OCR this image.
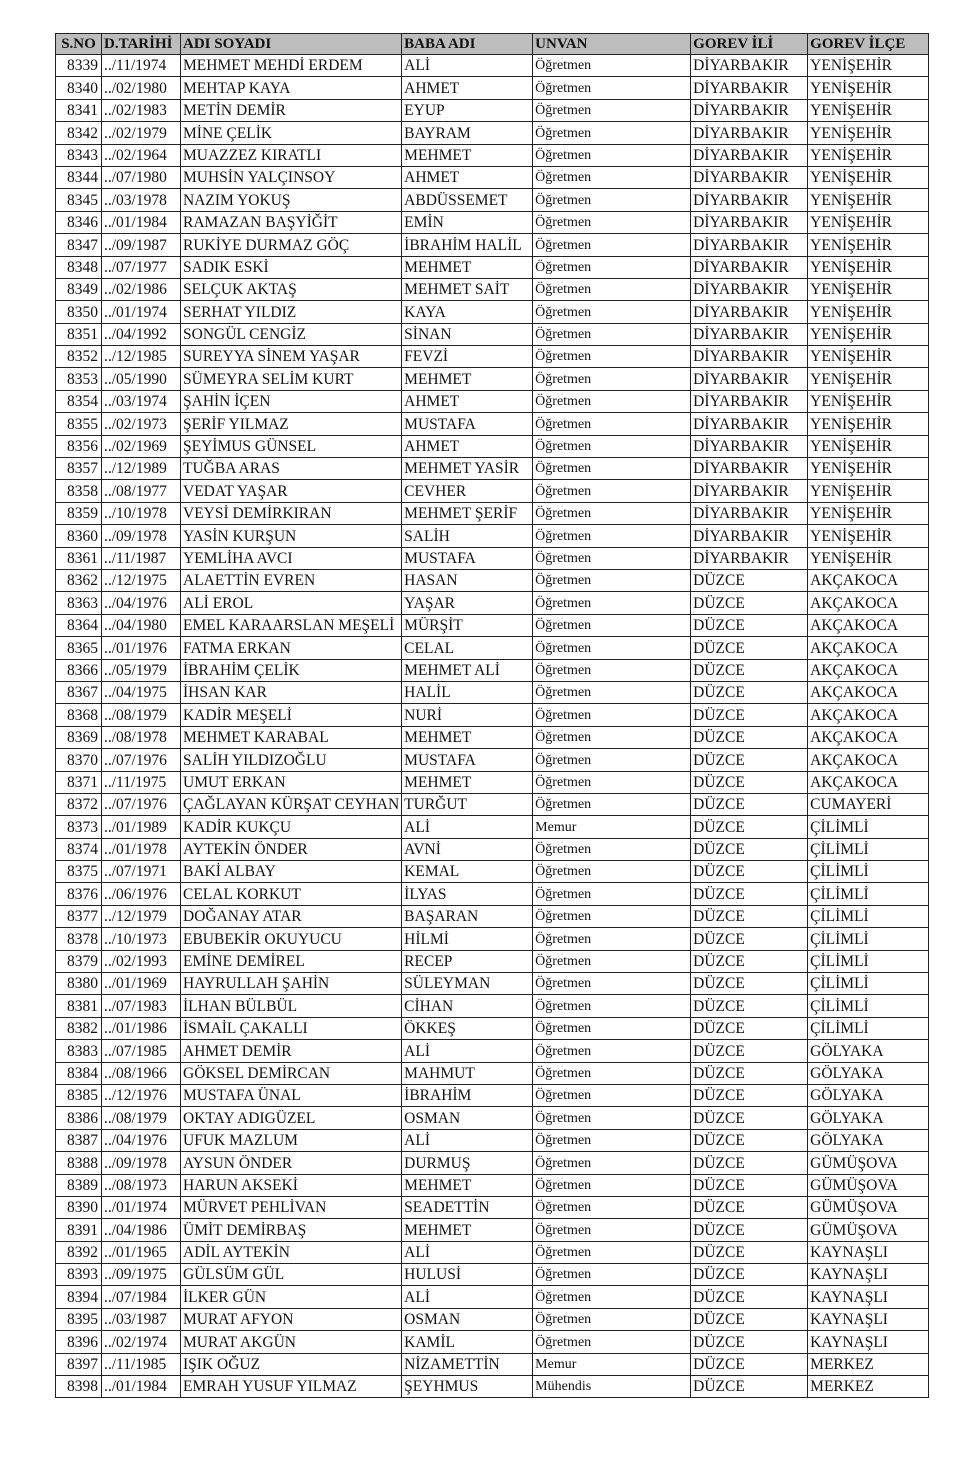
S.NO	D.TARİHİ	ADI SOYADI	BABA ADI	UNVAN	GOREV İLİ	GOREV İLÇE
8339	../11/1974	MEHMET MEHDİ ERDEM	ALİ	Öğretmen	DİYARBAKIR	YENİŞEHİR
8340	../02/1980	MEHTAP KAYA	AHMET	Öğretmen	DİYARBAKIR	YENİŞEHİR
8341	../02/1983	METİN DEMİR	EYUP	Öğretmen	DİYARBAKIR	YENİŞEHİR
8342	../02/1979	MİNE ÇELİK	BAYRAM	Öğretmen	DİYARBAKIR	YENİŞEHİR
8343	../02/1964	MUAZZEZ KIRATLI	MEHMET	Öğretmen	DİYARBAKIR	YENİŞEHİR
8344	../07/1980	MUHSİN YALÇINSOY	AHMET	Öğretmen	DİYARBAKIR	YENİŞEHİR
8345	../03/1978	NAZIM YOKUŞ	ABDÜSSEMET	Öğretmen	DİYARBAKIR	YENİŞEHİR
8346	../01/1984	RAMAZAN BAŞYİĞİT	EMİN	Öğretmen	DİYARBAKIR	YENİŞEHİR
8347	../09/1987	RUKİYE DURMAZ GÖÇ	İBRAHİM HALİL	Öğretmen	DİYARBAKIR	YENİŞEHİR
8348	../07/1977	SADIK ESKİ	MEHMET	Öğretmen	DİYARBAKIR	YENİŞEHİR
8349	../02/1986	SELÇUK AKTAŞ	MEHMET SAİT	Öğretmen	DİYARBAKIR	YENİŞEHİR
8350	../01/1974	SERHAT YILDIZ	KAYA	Öğretmen	DİYARBAKIR	YENİŞEHİR
8351	../04/1992	SONGÜL CENGİZ	SİNAN	Öğretmen	DİYARBAKIR	YENİŞEHİR
8352	../12/1985	SUREYYA SİNEM YAŞAR	FEVZİ	Öğretmen	DİYARBAKIR	YENİŞEHİR
8353	../05/1990	SÜMEYRA SELİM KURT	MEHMET	Öğretmen	DİYARBAKIR	YENİŞEHİR
8354	../03/1974	ŞAHİN İÇEN	AHMET	Öğretmen	DİYARBAKIR	YENİŞEHİR
8355	../02/1973	ŞERİF YILMAZ	MUSTAFA	Öğretmen	DİYARBAKIR	YENİŞEHİR
8356	../02/1969	ŞEYİMUS GÜNSEL	AHMET	Öğretmen	DİYARBAKIR	YENİŞEHİR
8357	../12/1989	TUĞBA ARAS	MEHMET YASİR	Öğretmen	DİYARBAKIR	YENİŞEHİR
8358	../08/1977	VEDAT YAŞAR	CEVHER	Öğretmen	DİYARBAKIR	YENİŞEHİR
8359	../10/1978	VEYSİ DEMİRKIRAN	MEHMET ŞERİF	Öğretmen	DİYARBAKIR	YENİŞEHİR
8360	../09/1978	YASİN KURŞUN	SALİH	Öğretmen	DİYARBAKIR	YENİŞEHİR
8361	../11/1987	YEMLİHA AVCI	MUSTAFA	Öğretmen	DİYARBAKIR	YENİŞEHİR
8362	../12/1975	ALAETTİN EVREN	HASAN	Öğretmen	DÜZCE	AKÇAKOCA
8363	../04/1976	ALİ EROL	YAŞAR	Öğretmen	DÜZCE	AKÇAKOCA
8364	../04/1980	EMEL KARAARSLAN MEŞELİ	MÜRŞİT	Öğretmen	DÜZCE	AKÇAKOCA
8365	../01/1976	FATMA ERKAN	CELAL	Öğretmen	DÜZCE	AKÇAKOCA
8366	../05/1979	İBRAHİM ÇELİK	MEHMET ALİ	Öğretmen	DÜZCE	AKÇAKOCA
8367	../04/1975	İHSAN KAR	HALİL	Öğretmen	DÜZCE	AKÇAKOCA
8368	../08/1979	KADİR MEŞELİ	NURİ	Öğretmen	DÜZCE	AKÇAKOCA
8369	../08/1978	MEHMET KARABAL	MEHMET	Öğretmen	DÜZCE	AKÇAKOCA
8370	../07/1976	SALİH YILDIZOĞLU	MUSTAFA	Öğretmen	DÜZCE	AKÇAKOCA
8371	../11/1975	UMUT ERKAN	MEHMET	Öğretmen	DÜZCE	AKÇAKOCA
8372	../07/1976	ÇAĞLAYAN KÜRŞAT CEYHAN	TURĞUT	Öğretmen	DÜZCE	CUMAYERİ
8373	../01/1989	KADİR KUKÇU	ALİ	Memur	DÜZCE	ÇİLİMLİ
8374	../01/1978	AYTEKİN ÖNDER	AVNİ	Öğretmen	DÜZCE	ÇİLİMLİ
8375	../07/1971	BAKİ ALBAY	KEMAL	Öğretmen	DÜZCE	ÇİLİMLİ
8376	../06/1976	CELAL KORKUT	İLYAS	Öğretmen	DÜZCE	ÇİLİMLİ
8377	../12/1979	DOĞANAY ATAR	BAŞARAN	Öğretmen	DÜZCE	ÇİLİMLİ
8378	../10/1973	EBUBEKİR OKUYUCU	HİLMİ	Öğretmen	DÜZCE	ÇİLİMLİ
8379	../02/1993	EMİNE DEMİREL	RECEP	Öğretmen	DÜZCE	ÇİLİMLİ
8380	../01/1969	HAYRULLAH ŞAHİN	SÜLEYMAN	Öğretmen	DÜZCE	ÇİLİMLİ
8381	../07/1983	İLHAN BÜLBÜL	CİHAN	Öğretmen	DÜZCE	ÇİLİMLİ
8382	../01/1986	İSMAİL ÇAKALLI	ÖKKEŞ	Öğretmen	DÜZCE	ÇİLİMLİ
8383	../07/1985	AHMET DEMİR	ALİ	Öğretmen	DÜZCE	GÖLYAKA
8384	../08/1966	GÖKSEL DEMİRCAN	MAHMUT	Öğretmen	DÜZCE	GÖLYAKA
8385	../12/1976	MUSTAFA ÜNAL	İBRAHİM	Öğretmen	DÜZCE	GÖLYAKA
8386	../08/1979	OKTAY ADIGÜZEL	OSMAN	Öğretmen	DÜZCE	GÖLYAKA
8387	../04/1976	UFUK MAZLUM	ALİ	Öğretmen	DÜZCE	GÖLYAKA
8388	../09/1978	AYSUN ÖNDER	DURMUŞ	Öğretmen	DÜZCE	GÜMÜŞOVA
8389	../08/1973	HARUN AKSEKİ	MEHMET	Öğretmen	DÜZCE	GÜMÜŞOVA
8390	../01/1974	MÜRVET PEHLİVAN	SEADETTİN	Öğretmen	DÜZCE	GÜMÜŞOVA
8391	../04/1986	ÜMİT DEMİRBAŞ	MEHMET	Öğretmen	DÜZCE	GÜMÜŞOVA
8392	../01/1965	ADİL AYTEKİN	ALİ	Öğretmen	DÜZCE	KAYNAŞLI
8393	../09/1975	GÜLSÜM GÜL	HULUSİ	Öğretmen	DÜZCE	KAYNAŞLI
8394	../07/1984	İLKER GÜN	ALİ	Öğretmen	DÜZCE	KAYNAŞLI
8395	../03/1987	MURAT AFYON	OSMAN	Öğretmen	DÜZCE	KAYNAŞLI
8396	../02/1974	MURAT AKGÜN	KAMİL	Öğretmen	DÜZCE	KAYNAŞLI
8397	../11/1985	IŞIK OĞUZ	NİZAMETTİN	Memur	DÜZCE	MERKEZ
8398	../01/1984	EMRAH YUSUF YILMAZ	ŞEYHMUS	Mühendis	DÜZCE	MERKEZ
